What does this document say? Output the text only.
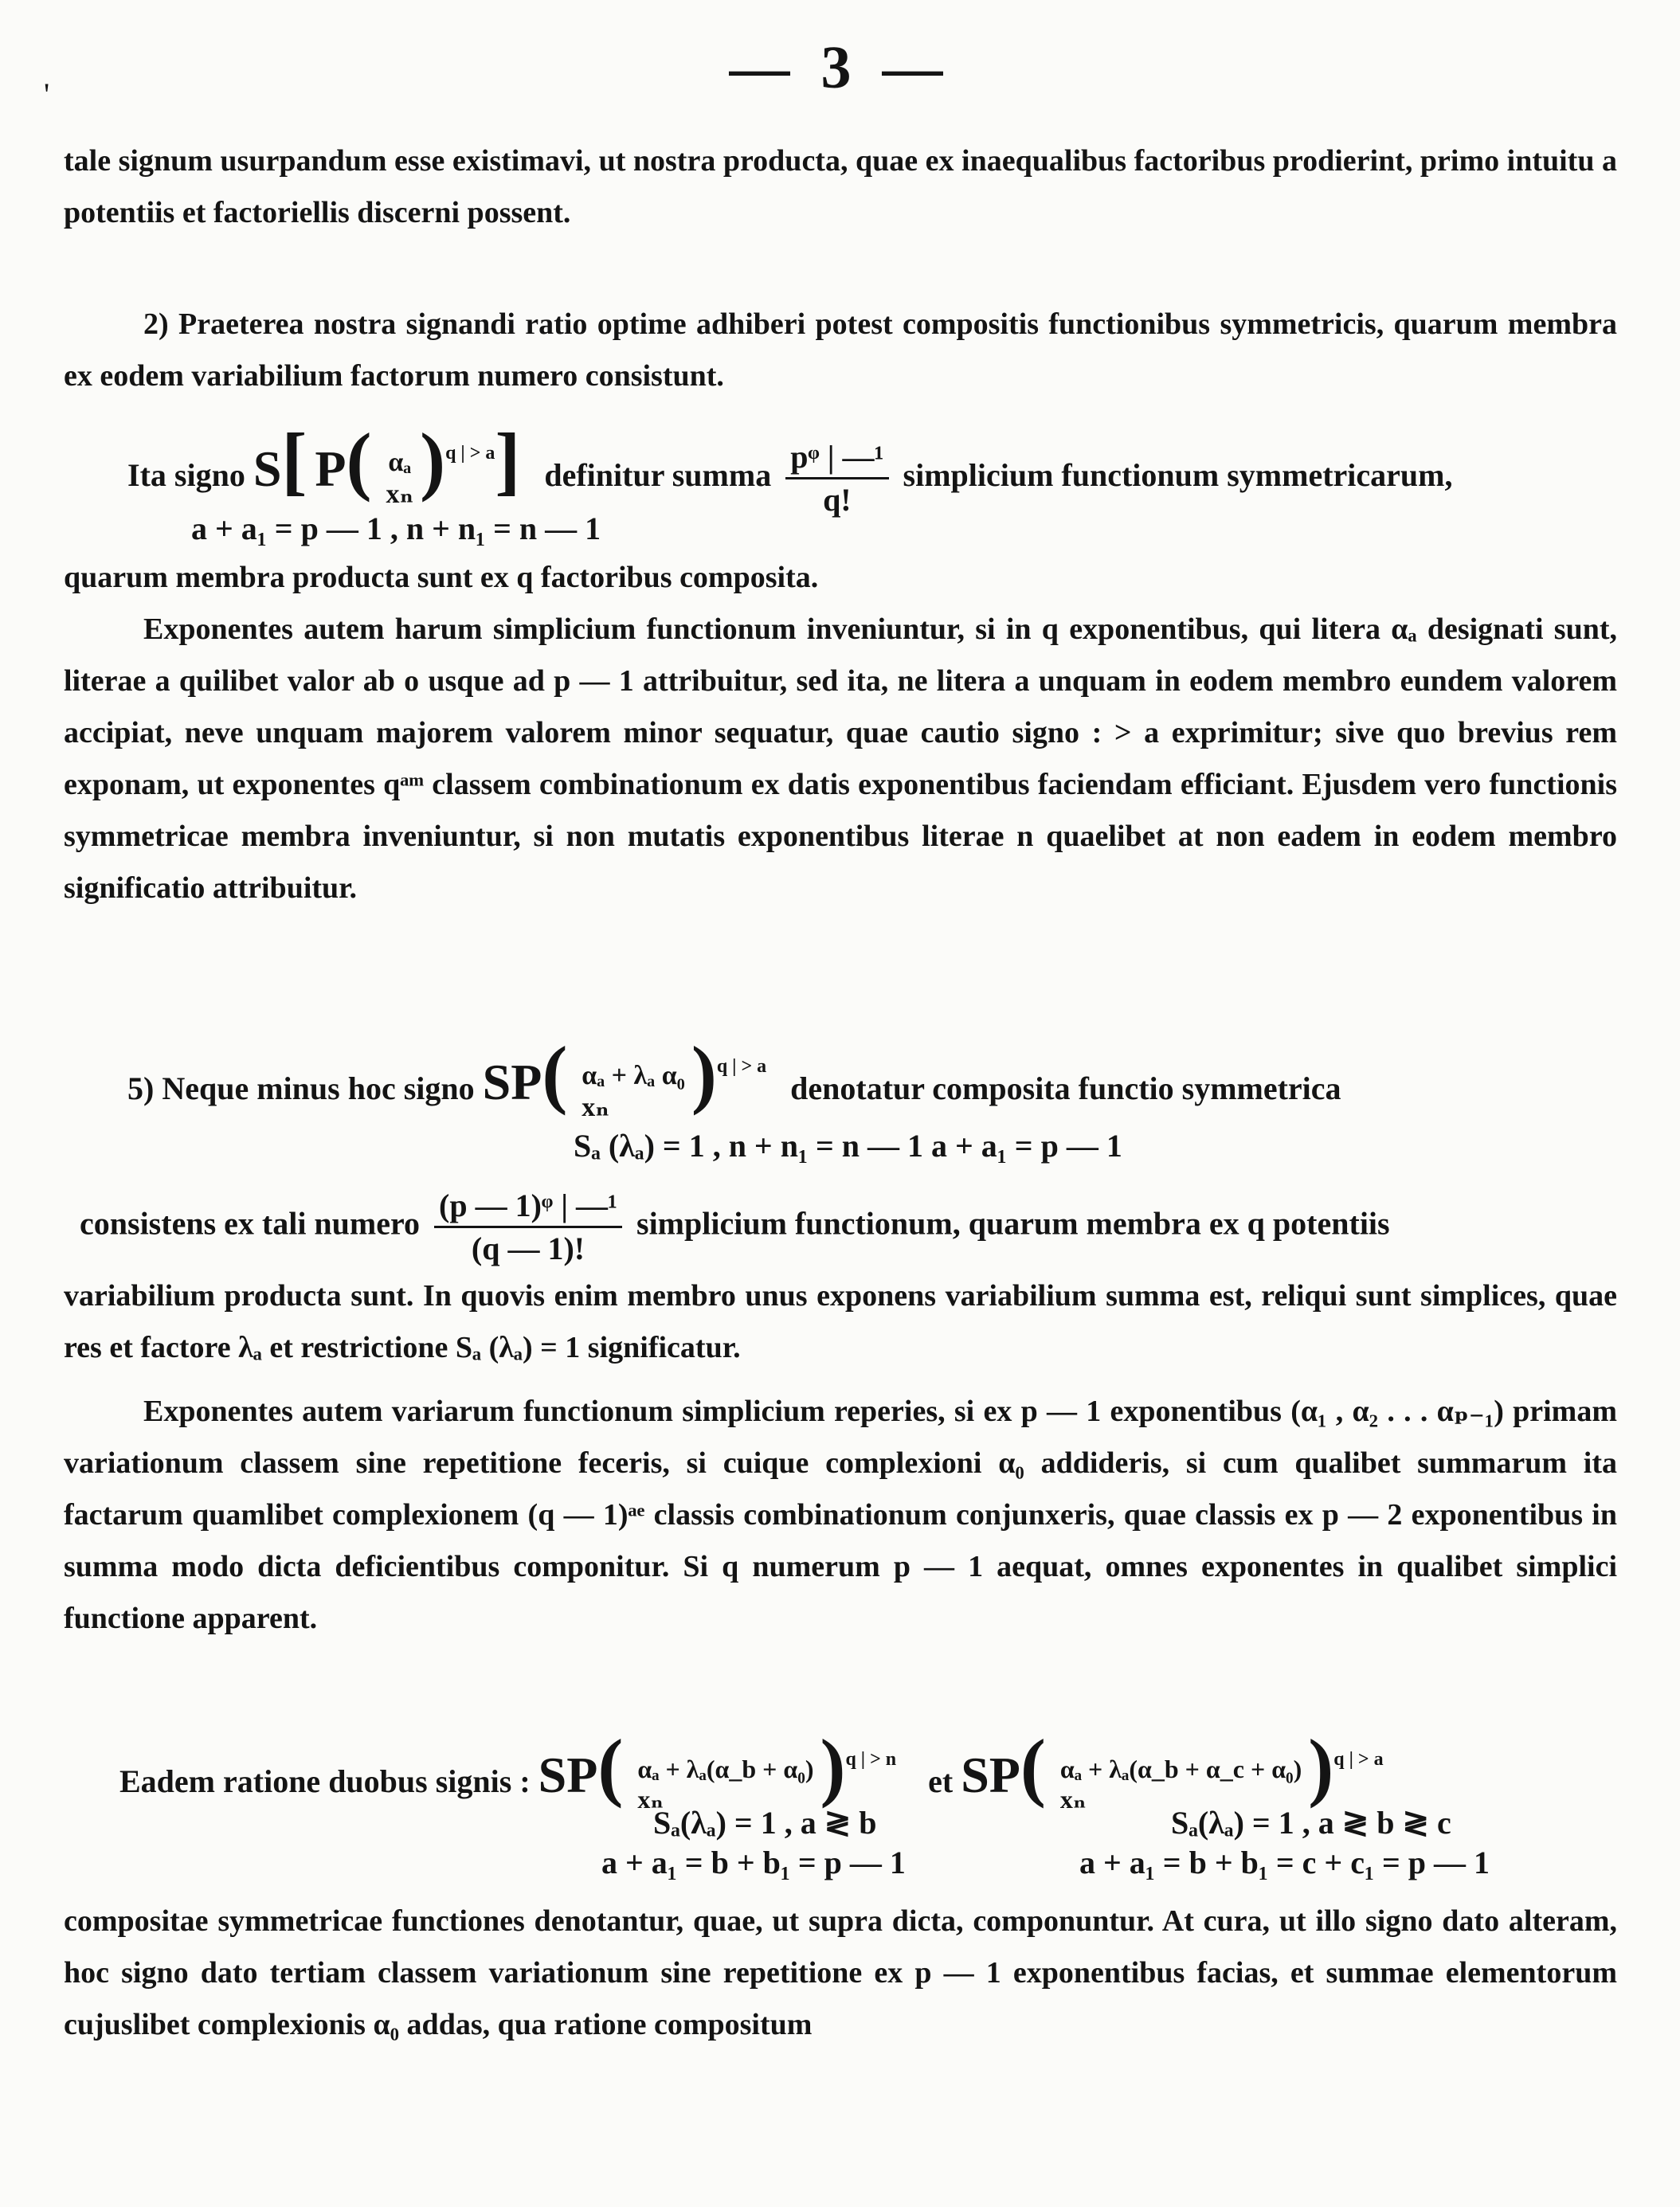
— 3 —
'

tale signum usurpandum esse existimavi, ut nostra producta, quae ex inaequalibus factoribus prodierint, primo intuitu a potentiis et factoriellis discerni possent.

2) Praeterea nostra signandi ratio optime adhiberi potest compositis functionibus symmetricis, quarum membra ex eodem variabilium factorum numero consistunt.

Ita signo S[ P( αₐ
xₙ )$^{q | > a}$] definitur summa $\frac{\text{pᵠ | —¹}}{q!}$ simplicium functionum symmetricarum,
a + a₁ = p — 1 , n + n₁ = n — 1

quarum membra producta sunt ex q factoribus composita.

Exponentes autem harum simplicium functionum inveniuntur, si in q exponentibus, qui litera αₐ designati sunt, literae a quilibet valor ab o usque ad p — 1 attribuitur, sed ita, ne litera a unquam in eodem membro eundem valorem accipiat, neve unquam majorem valorem minor sequatur, quae cautio signo : > a exprimitur; sive quo brevius rem exponam, ut exponentes qᵃᵐ classem combinationum ex datis exponentibus faciendam efficiant. Ejusdem vero functionis symmetricae membra inveniuntur, si non mutatis exponentibus literae n quaelibet at non eadem in eodem membro significatio attribuitur.

5) Neque minus hoc signo SP( αₐ + λₐ α₀
xₙ	)$^{q | > a}$ denotatur composita functio symmetrica
Sₐ (λₐ) = 1 , n + n₁ = n — 1 a + a₁ = p — 1
consistens ex tali numero $\frac{\text{(p — 1)ᵠ | —¹}}{(q — 1)!}$ simplicium functionum, quarum membra ex q potentiis

variabilium producta sunt. In quovis enim membro unus exponens variabilium summa est, reliqui sunt simplices, quae res et factore λₐ et restrictione Sₐ (λₐ) = 1 significatur.

Exponentes autem variarum functionum simplicium reperies, si ex p — 1 exponentibus (α₁ , α₂ . . . αₚ₋₁) primam variationum classem sine repetitione feceris, si cuique complexioni α₀ addideris, si cum qualibet summarum ita factarum quamlibet complexionem (q — 1)ᵃᵉ classis combinationum conjunxeris, quae classis ex p — 2 exponentibus in summa modo dicta deficientibus componitur. Si q numerum p — 1 aequat, omnes exponentes in qualibet simplici functione apparent.

Eadem ratione duobus signis : SP( αₐ + λₐ(α_b + α₀)
xₙ	)$^{q | > n}$ et SP( αₐ + λₐ(α_b + α_c + α₀)
xₙ	)$^{q | > a}$
Sₐ(λₐ) = 1 , a ≷ b
a + a₁ = b + b₁ = p — 1
Sₐ(λₐ) = 1 , a ≷ b ≷ c
a + a₁ = b + b₁ = c + c₁ = p — 1

compositae symmetricae functiones denotantur, quae, ut supra dicta, componuntur. At cura, ut illo signo dato alteram, hoc signo dato tertiam classem variationum sine repetitione ex p — 1 exponentibus facias, et summae elementorum cujuslibet complexionis α₀ addas, qua ratione compositum
